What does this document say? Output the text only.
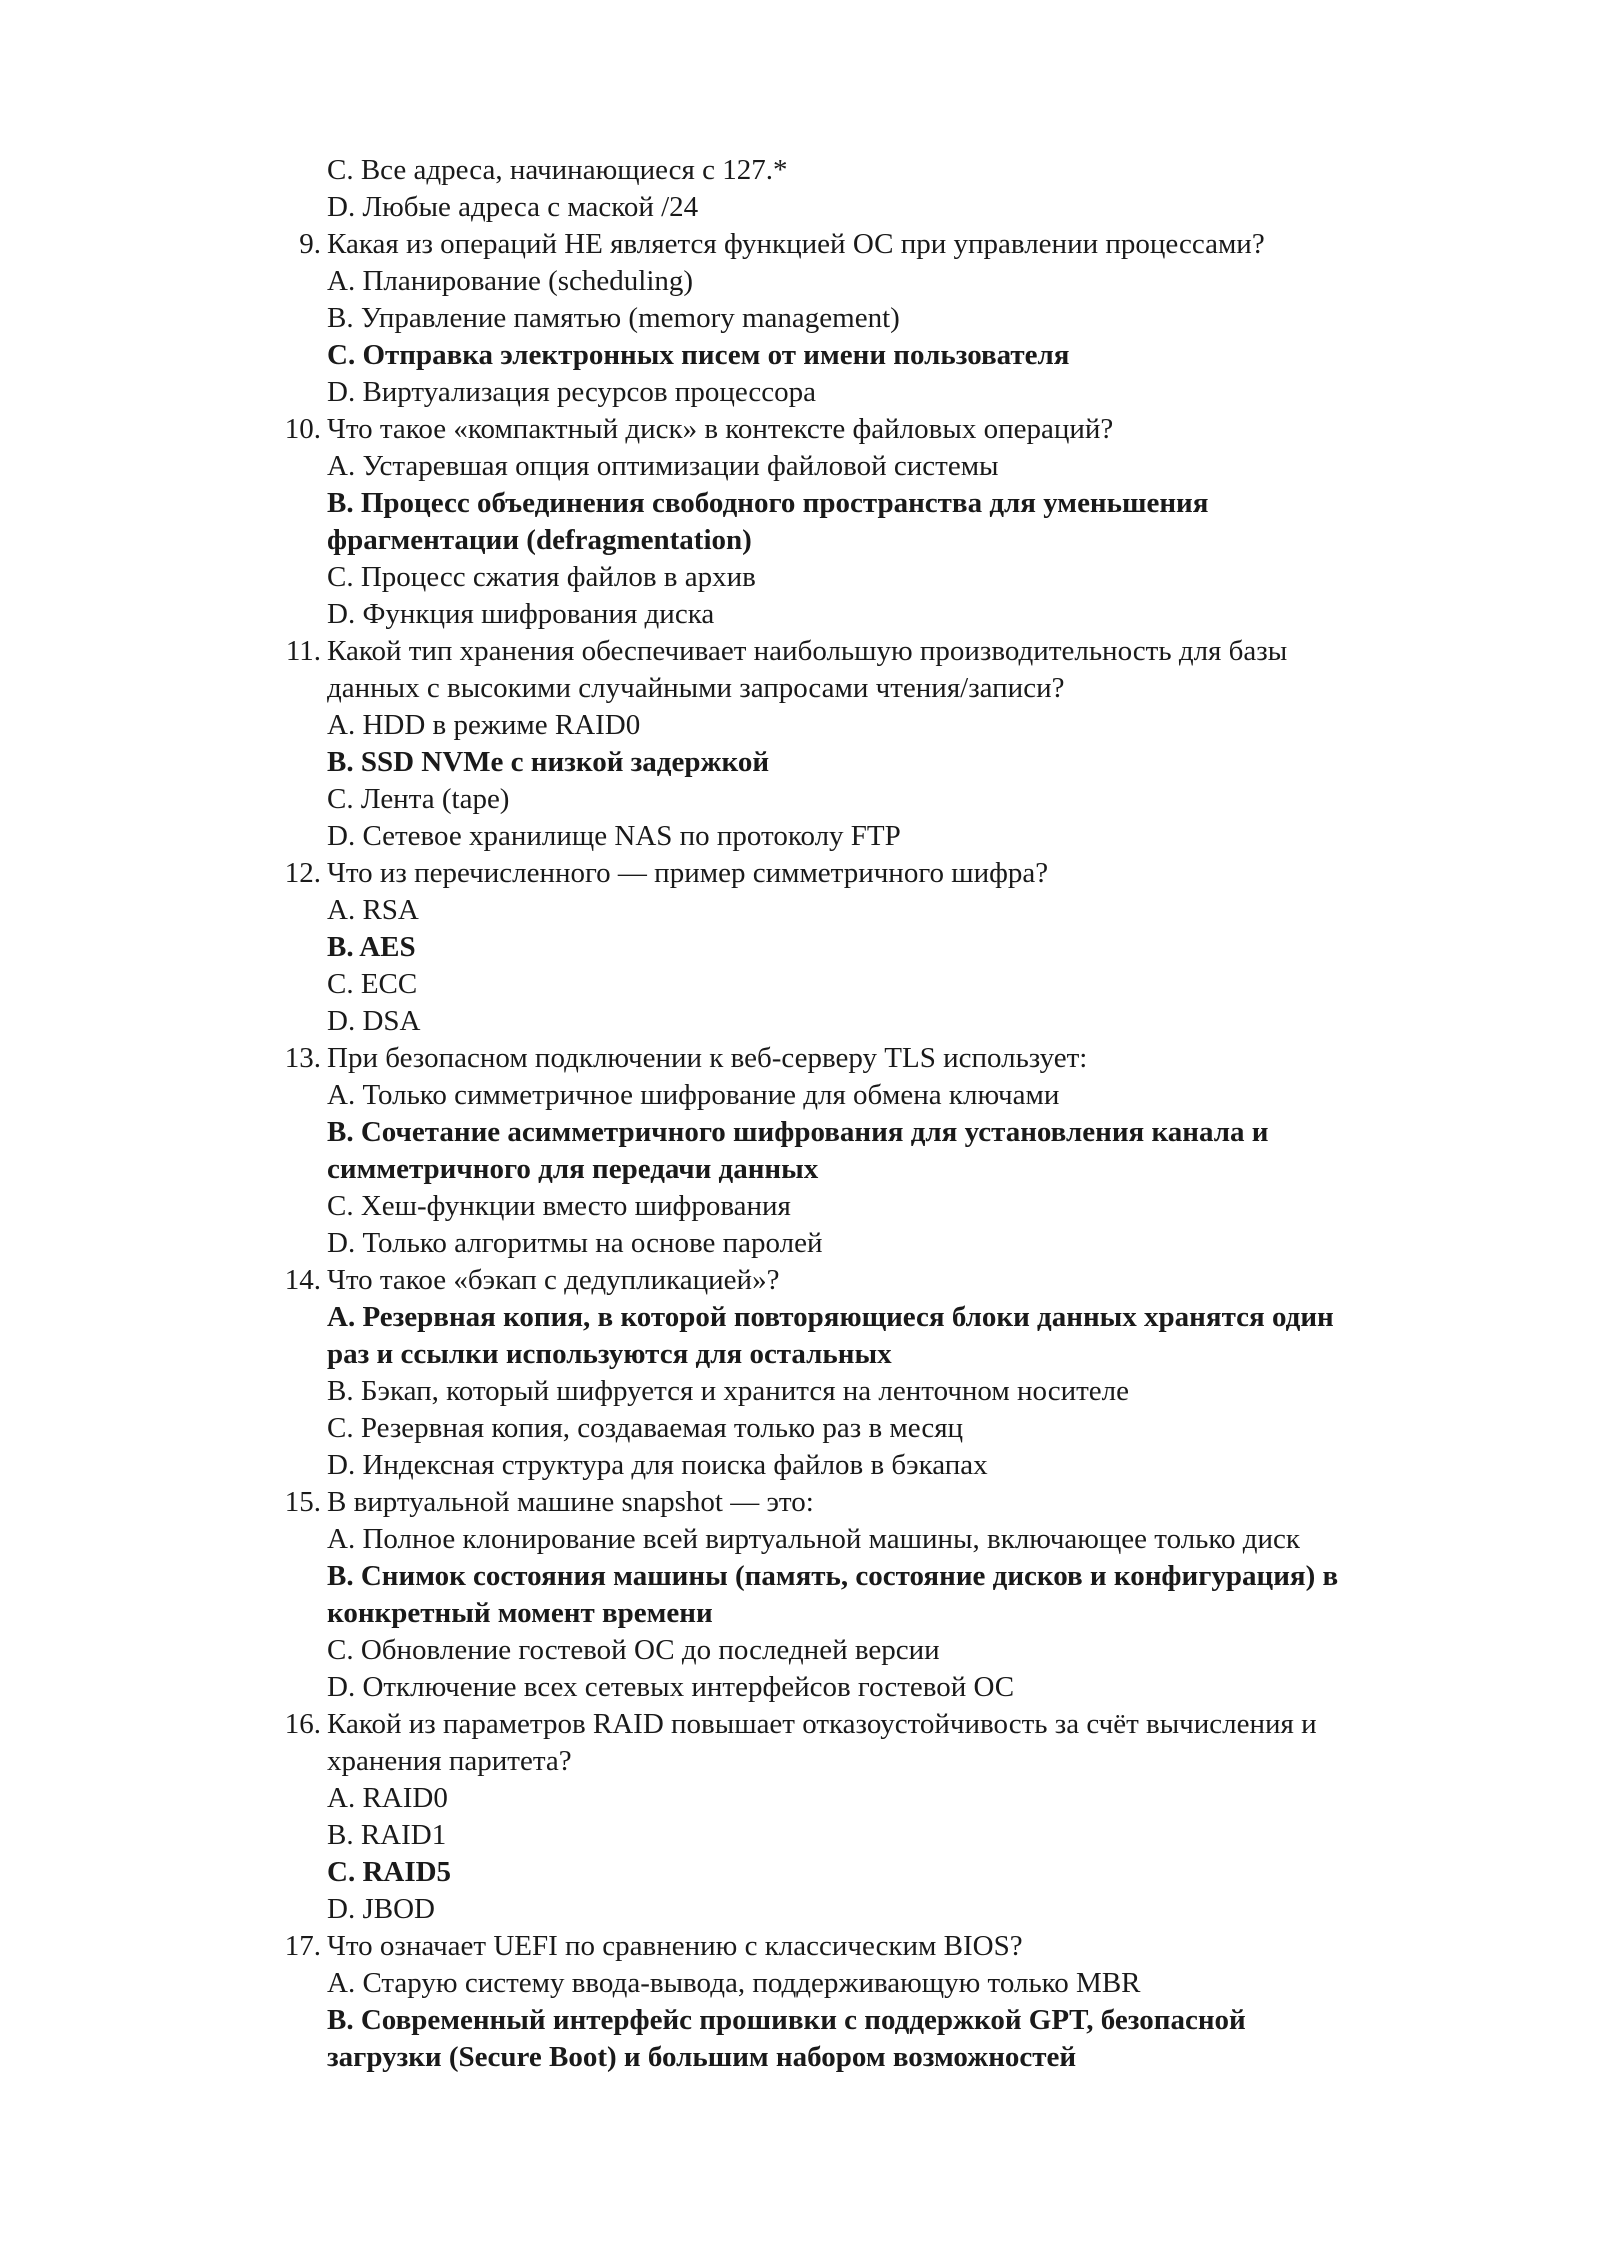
C. Все адреса, начинающиеся с 127.*
D. Любые адреса с маской /24
9. Какая из операций НЕ является функцией ОС при управлении процессами?
A. Планирование (scheduling)
B. Управление памятью (memory management)
C. Отправка электронных писем от имени пользователя
D. Виртуализация ресурсов процессора
10. Что такое «компактный диск» в контексте файловых операций?
A. Устаревшая опция оптимизации файловой системы
B. Процесс объединения свободного пространства для уменьшения
фрагментации (defragmentation)
C. Процесс сжатия файлов в архив
D. Функция шифрования диска
11. Какой тип хранения обеспечивает наибольшую производительность для базы
данных с высокими случайными запросами чтения/записи?
A. HDD в режиме RAID0
B. SSD NVMe с низкой задержкой
C. Лента (tape)
D. Сетевое хранилище NAS по протоколу FTP
12. Что из перечисленного — пример симметричного шифра?
A. RSA
B. AES
C. ECC
D. DSA
13. При безопасном подключении к веб-серверу TLS использует:
A. Только симметричное шифрование для обмена ключами
B. Сочетание асимметричного шифрования для установления канала и
симметричного для передачи данных
C. Хеш-функции вместо шифрования
D. Только алгоритмы на основе паролей
14. Что такое «бэкап с дедупликацией»?
A. Резервная копия, в которой повторяющиеся блоки данных хранятся один
раз и ссылки используются для остальных
B. Бэкап, который шифруется и хранится на ленточном носителе
C. Резервная копия, создаваемая только раз в месяц
D. Индексная структура для поиска файлов в бэкапах
15. В виртуальной машине snapshot — это:
A. Полное клонирование всей виртуальной машины, включающее только диск
B. Снимок состояния машины (память, состояние дисков и конфигурация) в
конкретный момент времени
C. Обновление гостевой ОС до последней версии
D. Отключение всех сетевых интерфейсов гостевой ОС
16. Какой из параметров RAID повышает отказоустойчивость за счёт вычисления и
хранения паритета?
A. RAID0
B. RAID1
C. RAID5
D. JBOD
17. Что означает UEFI по сравнению с классическим BIOS?
A. Старую систему ввода-вывода, поддерживающую только MBR
B. Современный интерфейс прошивки с поддержкой GPT, безопасной
загрузки (Secure Boot) и большим набором возможностей
